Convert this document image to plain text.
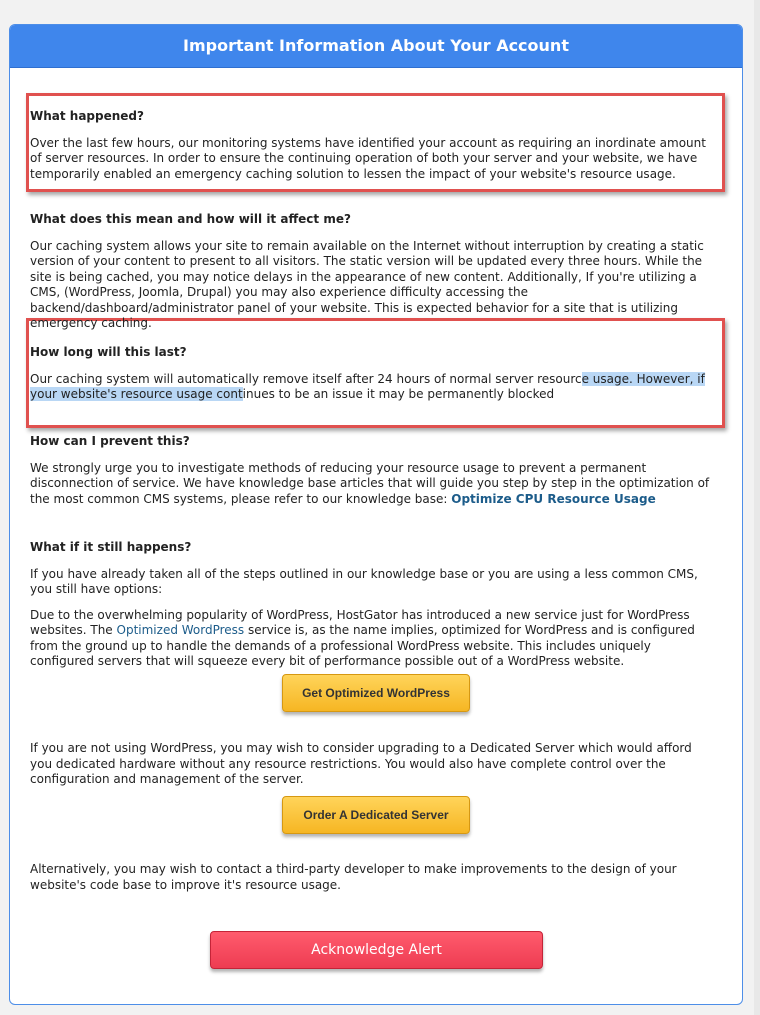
Important Information About Your Account
What happened?

Over the last few hours, our monitoring systems have identified your account as requiring an inordinate amount of server resources. In order to ensure the continuing operation of both your server and your website, we have temporarily enabled an emergency caching solution to lessen the impact of your website's resource usage.

What does this mean and how will it affect me?

Our caching system allows your site to remain available on the Internet without interruption by creating a static version of your content to present to all visitors. The static version will be updated every three hours. While the site is being cached, you may notice delays in the appearance of new content. Additionally, If you're utilizing a CMS, (WordPress, Joomla, Drupal) you may also experience difficulty accessing the backend/dashboard/administrator panel of your website. This is expected behavior for a site that is utilizing emergency caching.

How long will this last?

Our caching system will automatically remove itself after 24 hours of normal server resource usage. However, if your website's resource usage continues to be an issue it may be permanently blocked

How can I prevent this?

We strongly urge you to investigate methods of reducing your resource usage to prevent a permanent disconnection of service. We have knowledge base articles that will guide you step by step in the optimization of the most common CMS systems, please refer to our knowledge base: Optimize CPU Resource Usage

What if it still happens?

If you have already taken all of the steps outlined in our knowledge base or you are using a less common CMS, you still have options:

Due to the overwhelming popularity of WordPress, HostGator has introduced a new service just for WordPress websites. The Optimized WordPress service is, as the name implies, optimized for WordPress and is configured from the ground up to handle the demands of a professional WordPress website. This includes uniquely configured servers that will squeeze every bit of performance possible out of a WordPress website.

Get Optimized WordPress

If you are not using WordPress, you may wish to consider upgrading to a Dedicated Server which would afford you dedicated hardware without any resource restrictions. You would also have complete control over the configuration and management of the server.

Order A Dedicated Server

Alternatively, you may wish to contact a third-party developer to make improvements to the design of your website's code base to improve it's resource usage.

Acknowledge Alert
